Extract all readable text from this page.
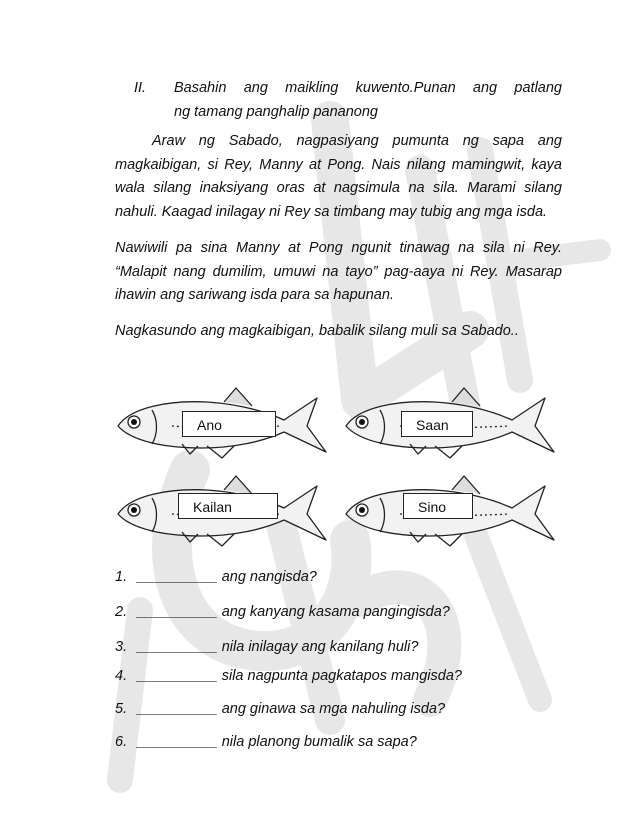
II.	Basahin ang maikling kuwento.Punan ang patlang
ng tamang panghalip pananong
Araw ng Sabado, nagpasiyang pumunta ng sapa ang magkaibigan, si Rey, Manny at Pong. Nais nilang mamingwit, kaya wala silang inaksiyang oras at nagsimula na sila. Marami silang nahuli. Kaagad inilagay ni Rey sa timbang may tubig ang mga isda.
Nawiwili pa sina Manny at Pong ngunit tinawag na sila ni Rey. “Malapit nang dumilim, umuwi na tayo” pag-aaya ni Rey. Masarap ihawin ang sariwang isda para sa hapunan.
Nagkasundo ang magkaibigan, babalik silang muli sa Sabado..
Ano	Saan
Kailan	Sino
1. __________ ang nangisda?
2. __________ ang kanyang kasama pangingisda?
3. __________ nila inilagay ang kanilang huli?
4. __________ sila nagpunta pagkatapos mangisda?
5. __________ ang ginawa sa mga nahuling isda?
6. __________ nila planong bumalik sa sapa?
